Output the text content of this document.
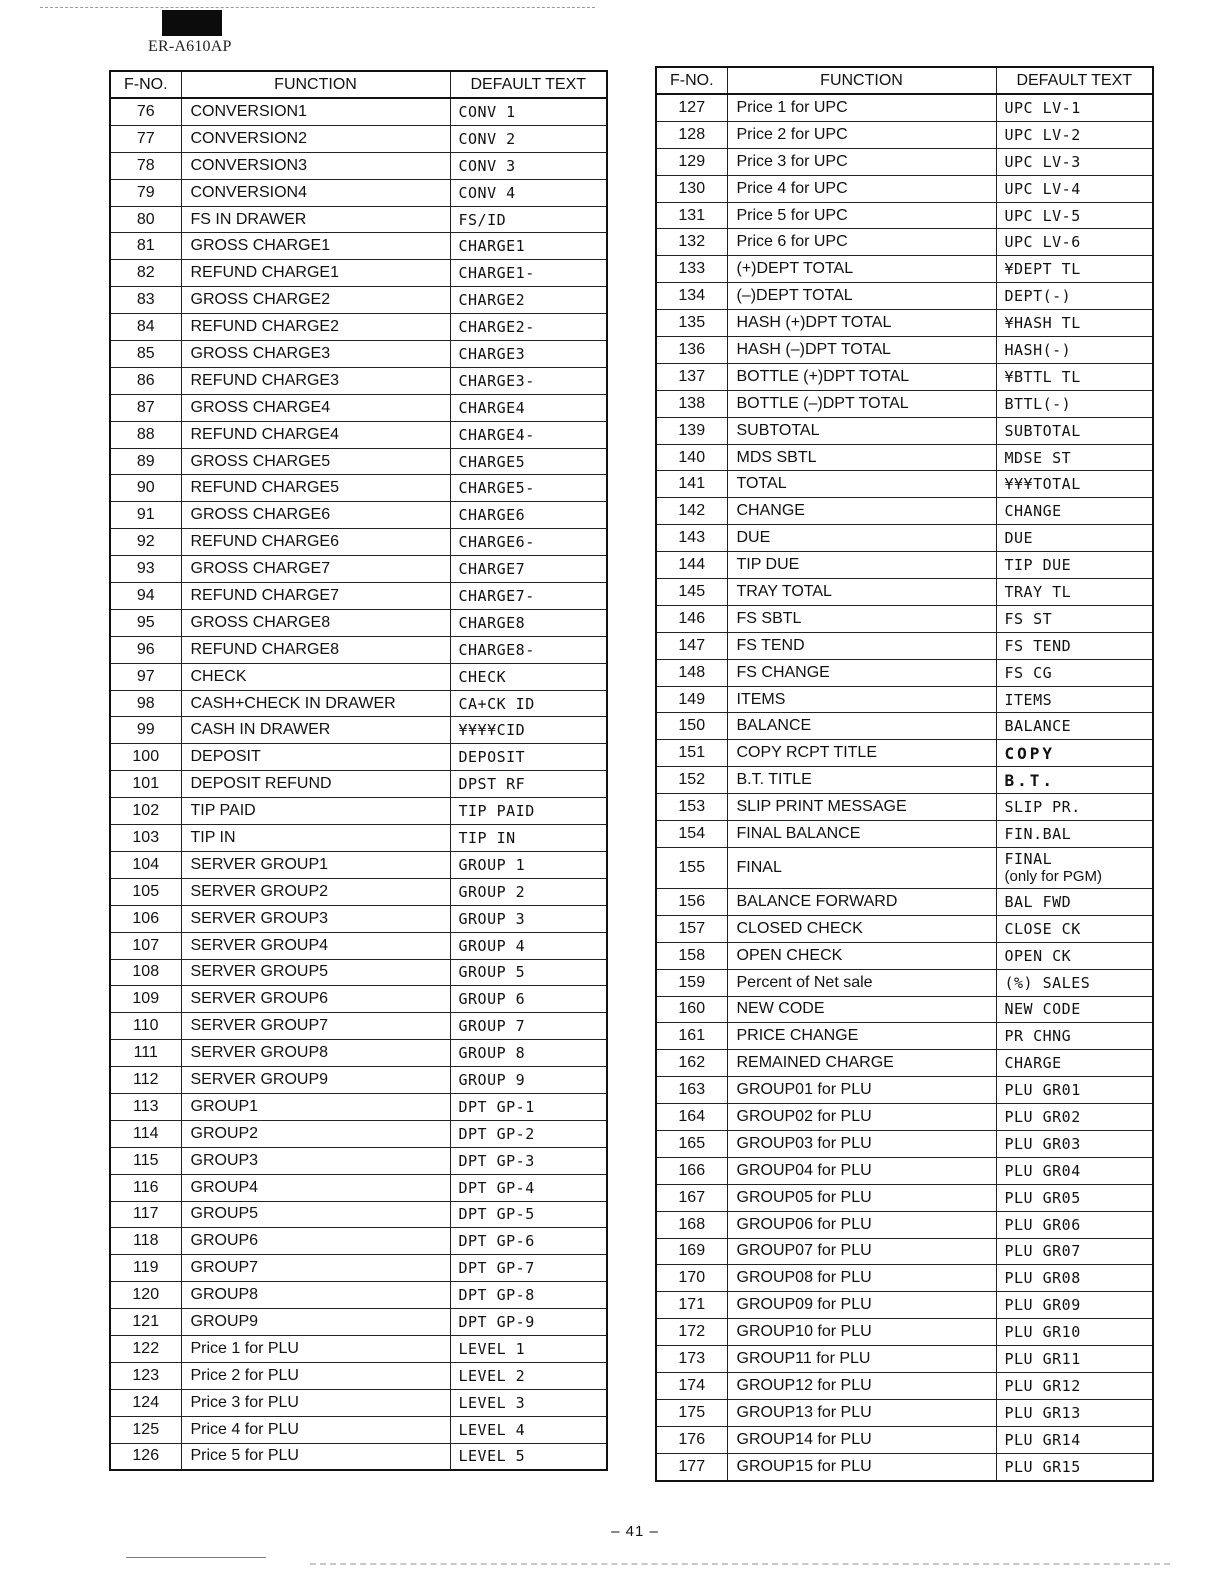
ER-A610AP
F-NO.	FUNCTION	DEFAULT TEXT
76	CONVERSION1	CONV 1
77	CONVERSION2	CONV 2
78	CONVERSION3	CONV 3
79	CONVERSION4	CONV 4
80	FS IN DRAWER	FS/ID
81	GROSS CHARGE1	CHARGE1
82	REFUND CHARGE1	CHARGE1-
83	GROSS CHARGE2	CHARGE2
84	REFUND CHARGE2	CHARGE2-
85	GROSS CHARGE3	CHARGE3
86	REFUND CHARGE3	CHARGE3-
87	GROSS CHARGE4	CHARGE4
88	REFUND CHARGE4	CHARGE4-
89	GROSS CHARGE5	CHARGE5
90	REFUND CHARGE5	CHARGE5-
91	GROSS CHARGE6	CHARGE6
92	REFUND CHARGE6	CHARGE6-
93	GROSS CHARGE7	CHARGE7
94	REFUND CHARGE7	CHARGE7-
95	GROSS CHARGE8	CHARGE8
96	REFUND CHARGE8	CHARGE8-
97	CHECK	CHECK
98	CASH+CHECK IN DRAWER	CA+CK ID
99	CASH IN DRAWER	¥¥¥¥CID
100	DEPOSIT	DEPOSIT
101	DEPOSIT REFUND	DPST RF
102	TIP PAID	TIP PAID
103	TIP IN	TIP IN
104	SERVER GROUP1	GROUP 1
105	SERVER GROUP2	GROUP 2
106	SERVER GROUP3	GROUP 3
107	SERVER GROUP4	GROUP 4
108	SERVER GROUP5	GROUP 5
109	SERVER GROUP6	GROUP 6
110	SERVER GROUP7	GROUP 7
111	SERVER GROUP8	GROUP 8
112	SERVER GROUP9	GROUP 9
113	GROUP1	DPT GP-1
114	GROUP2	DPT GP-2
115	GROUP3	DPT GP-3
116	GROUP4	DPT GP-4
117	GROUP5	DPT GP-5
118	GROUP6	DPT GP-6
119	GROUP7	DPT GP-7
120	GROUP8	DPT GP-8
121	GROUP9	DPT GP-9
122	Price 1 for PLU	LEVEL 1
123	Price 2 for PLU	LEVEL 2
124	Price 3 for PLU	LEVEL 3
125	Price 4 for PLU	LEVEL 4
126	Price 5 for PLU	LEVEL 5
F-NO.	FUNCTION	DEFAULT TEXT
127	Price 1 for UPC	UPC LV-1
128	Price 2 for UPC	UPC LV-2
129	Price 3 for UPC	UPC LV-3
130	Price 4 for UPC	UPC LV-4
131	Price 5 for UPC	UPC LV-5
132	Price 6 for UPC	UPC LV-6
133	(+)DEPT TOTAL	¥DEPT TL
134	(–)DEPT TOTAL	DEPT(-)
135	HASH (+)DPT TOTAL	¥HASH TL
136	HASH (–)DPT TOTAL	HASH(-)
137	BOTTLE (+)DPT TOTAL	¥BTTL TL
138	BOTTLE (–)DPT TOTAL	BTTL(-)
139	SUBTOTAL	SUBTOTAL
140	MDS SBTL	MDSE ST
141	TOTAL	¥¥¥TOTAL
142	CHANGE	CHANGE
143	DUE	DUE
144	TIP DUE	TIP DUE
145	TRAY TOTAL	TRAY TL
146	FS SBTL	FS ST
147	FS TEND	FS TEND
148	FS CHANGE	FS CG
149	ITEMS	ITEMS
150	BALANCE	BALANCE
151	COPY RCPT TITLE	COPY
152	B.T. TITLE	B.T.
153	SLIP PRINT MESSAGE	SLIP PR.
154	FINAL BALANCE	FIN.BAL
155	FINAL	FINAL
(only for PGM)

156	BALANCE FORWARD	BAL FWD
157	CLOSED CHECK	CLOSE CK
158	OPEN CHECK	OPEN CK
159	Percent of Net sale	(%) SALES
160	NEW CODE	NEW CODE
161	PRICE CHANGE	PR CHNG
162	REMAINED CHARGE	CHARGE
163	GROUP01 for PLU	PLU GR01
164	GROUP02 for PLU	PLU GR02
165	GROUP03 for PLU	PLU GR03
166	GROUP04 for PLU	PLU GR04
167	GROUP05 for PLU	PLU GR05
168	GROUP06 for PLU	PLU GR06
169	GROUP07 for PLU	PLU GR07
170	GROUP08 for PLU	PLU GR08
171	GROUP09 for PLU	PLU GR09
172	GROUP10 for PLU	PLU GR10
173	GROUP11 for PLU	PLU GR11
174	GROUP12 for PLU	PLU GR12
175	GROUP13 for PLU	PLU GR13
176	GROUP14 for PLU	PLU GR14
177	GROUP15 for PLU	PLU GR15
– 41 –
